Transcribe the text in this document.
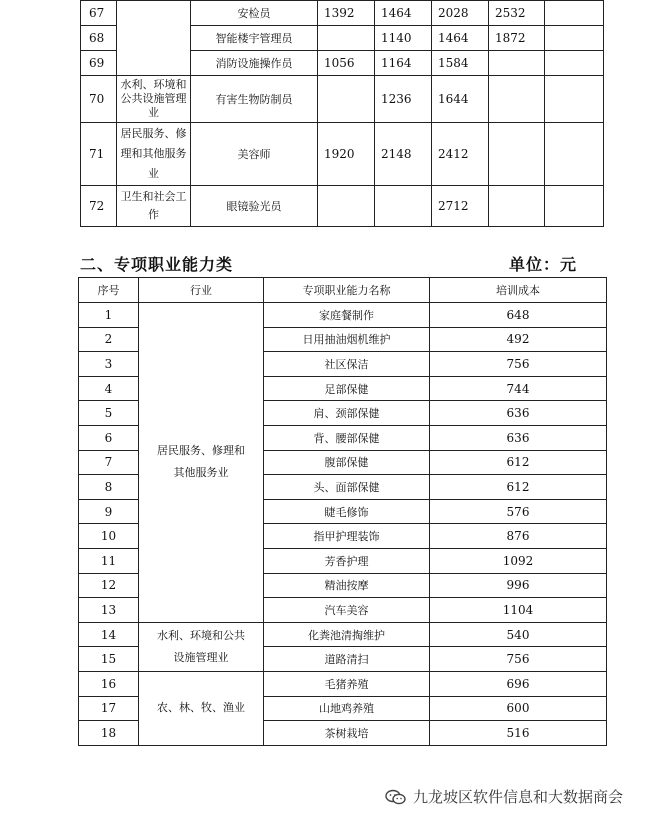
67		安检员	1392	1464	2028	2532	
68		智能楼宇管理员		1140	1464	1872	
69		消防设施操作员	1056	1164	1584		
70	水利、环境和公共设施管理业	有害生物防制员		1236	1644		
71	居民服务、修理和其他服务业	美容师	1920	2148	2412		
72	卫生和社会工作	眼镜验光员			2712		
二、专项职业能力类	单位：元
序号	行业	专项职业能力名称	培训成本
1	居民服务、修理和其他服务业	家庭餐制作	648
2		日用抽油烟机维护	492
3		社区保洁	756
4		足部保健	744
5		肩、颈部保健	636
6		背、腰部保健	636
7		腹部保健	612
8		头、面部保健	612
9		睫毛修饰	576
10		指甲护理装饰	876
11		芳香护理	1092
12		精油按摩	996
13		汽车美容	1104
14	水利、环境和公共设施管理业	化粪池清掏维护	540
15		道路清扫	756
16	农、林、牧、渔业	毛猪养殖	696
17		山地鸡养殖	600
18		茶树栽培	516
九龙坡区软件信息和大数据商会
